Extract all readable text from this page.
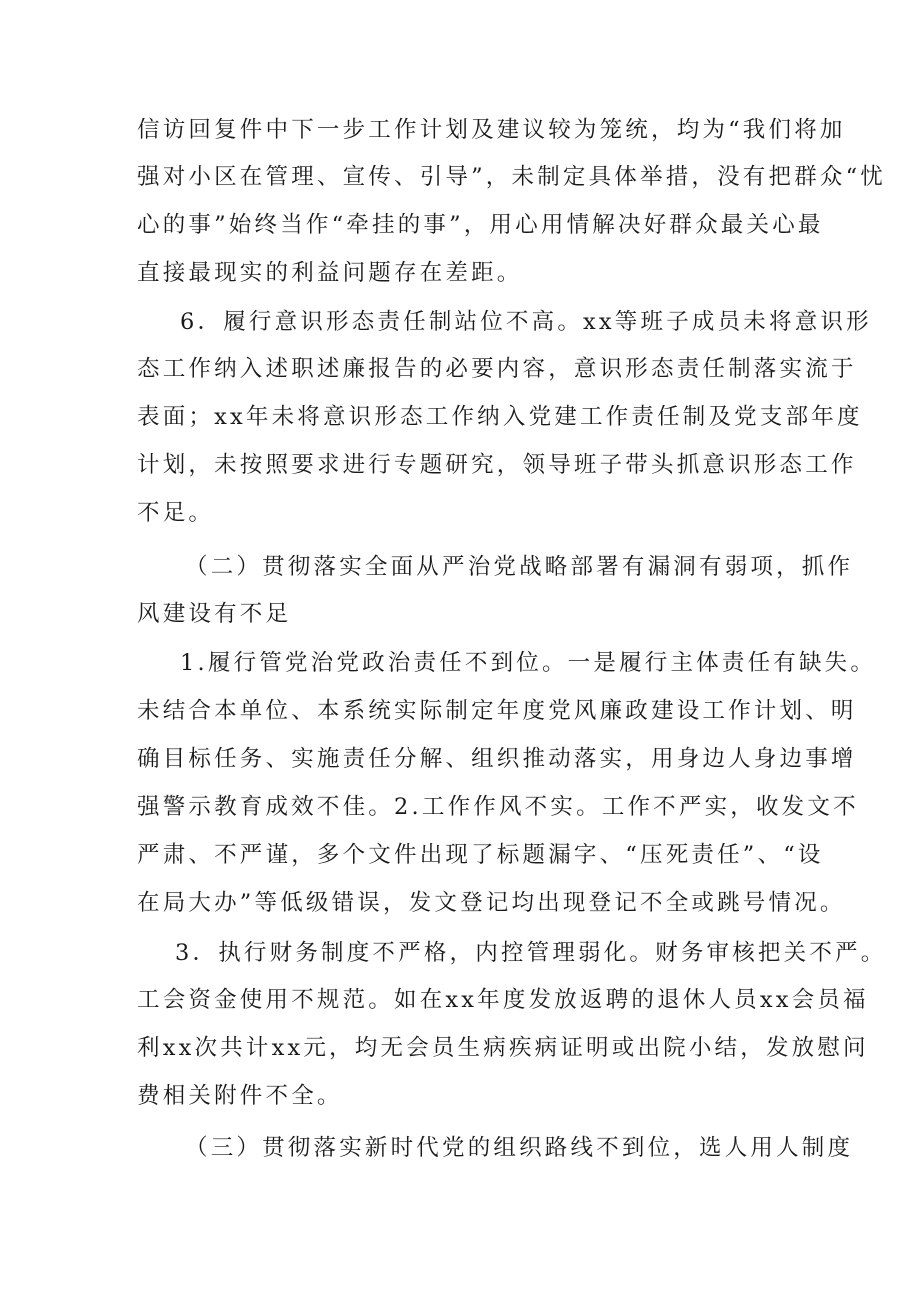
信访回复件中下一步工作计划及建议较为笼统，均为“我们将加
强对小区在管理、宣传、引导”，未制定具体举措，没有把群众“忧
心的事”始终当作“牵挂的事”，用心用情解决好群众最关心最
直接最现实的利益问题存在差距。
6．履行意识形态责任制站位不高。xx等班子成员未将意识形
态工作纳入述职述廉报告的必要内容，意识形态责任制落实流于
表面；xx年未将意识形态工作纳入党建工作责任制及党支部年度
计划，未按照要求进行专题研究，领导班子带头抓意识形态工作
不足。
（二）贯彻落实全面从严治党战略部署有漏洞有弱项，抓作
风建设有不足
1.履行管党治党政治责任不到位。一是履行主体责任有缺失。
未结合本单位、本系统实际制定年度党风廉政建设工作计划、明
确目标任务、实施责任分解、组织推动落实，用身边人身边事增
强警示教育成效不佳。2.工作作风不实。工作不严实，收发文不
严肃、不严谨，多个文件出现了标题漏字、“压死责任”、“设
在局大办”等低级错误，发文登记均出现登记不全或跳号情况。
3．执行财务制度不严格，内控管理弱化。财务审核把关不严。
工会资金使用不规范。如在xx年度发放返聘的退休人员xx会员福
利xx次共计xx元，均无会员生病疾病证明或出院小结，发放慰问
费相关附件不全。
（三）贯彻落实新时代党的组织路线不到位，选人用人制度
